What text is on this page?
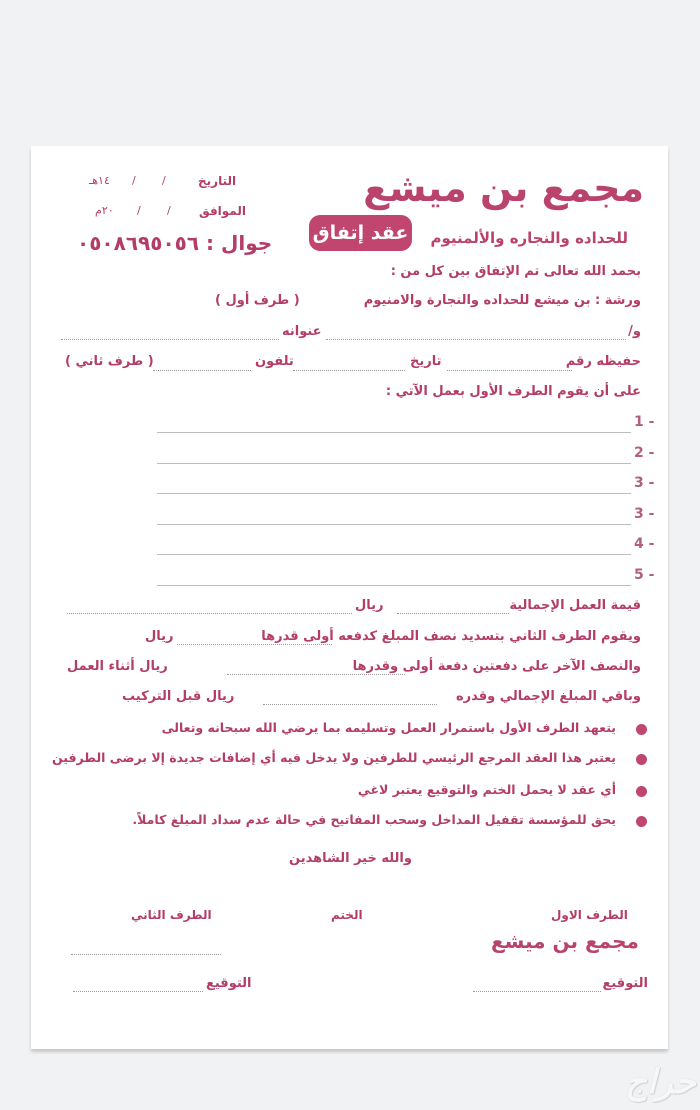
مجمع بن ميشع
للحداده والنجاره والألمنيوم
عقد إتفاق
التاريخ
/
/
١٤هـ
الموافق
/
/
٢٠م
جوال : ٠٥٠٨٦٩٥٠٥٦
بحمد الله تعالى تم الإتفاق بين كل من :
ورشة : بن ميشع للحداده والنجارة والامنيوم
( طرف أول )
و/
عنوانه
حفيظه رقم
تاريخ
تلفون
( طرف ثاني )
على أن يقوم الطرف الأول بعمل الآتي :
1 -
2 -
3 -
3 -
4 -
5 -
قيمة العمل الإجمالية
ريال
ويقوم الطرف الثاني بتسديد نصف المبلغ كدفعه أولى قدرها
ريال
والنصف الآخر على دفعتين دفعة أولى وقدرها
ريال أثناء العمل
وباقي المبلغ الإجمالي وقدره
ريال قبل التركيب
يتعهد الطرف الأول باستمرار العمل وتسليمه بما يرضي الله سبحانه وتعالى
يعتبر هذا العقد المرجع الرئيسي للطرفين ولا يدخل فيه أي إضافات جديدة إلا برضى الطرفين
أي عقد لا يحمل الختم والتوقيع يعتبر لاغي
يحق للمؤسسة تقفيل المداخل وسحب المفاتيح في حالة عدم سداد المبلغ كاملاً.
والله خير الشاهدين
الطرف الاول
مجمع بن ميشع
الختم
الطرف الثاني
التوقيع
التوقيع
حراج
